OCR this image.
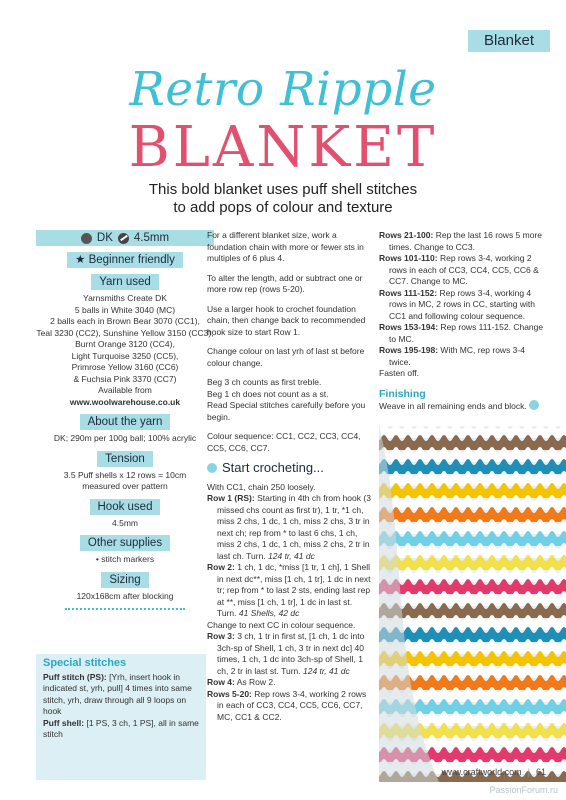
Blanket
Retro Ripple
BLANKET
This bold blanket uses puff shell stitches
to add pops of colour and texture
DK 4.5mm
★ Beginner friendly
Yarn used
Yarnsmiths Create DK
5 balls in White 3040 (MC)
2 balls each in Brown Bear 3070 (CC1),
Teal 3230 (CC2), Sunshine Yellow 3150 (CC3),
Burnt Orange 3120 (CC4),
Light Turquoise 3250 (CC5),
Primrose Yellow 3160 (CC6)
& Fuchsia Pink 3370 (CC7)
Available from
www.woolwarehouse.co.uk
About the yarn
DK; 290m per 100g ball; 100% acrylic
Tension
3.5 Puff shells x 12 rows = 10cm
measured over pattern
Hook used
4.5mm
Other supplies
• stitch markers
Sizing
120x168cm after blocking
Special stitches
Puff stitch (PS): [Yrh, insert hook in indicated st, yrh, pull] 4 times into same stitch, yrh, draw through all 9 loops on hook
Puff shell: [1 PS, 3 ch, 1 PS], all in same stitch

For a different blanket size, work a foundation chain with more or fewer sts in multiples of 6 plus 4.

To alter the length, add or subtract one or more row rep (rows 5-20).

Use a larger hook to crochet foundation chain, then change back to recommended hook size to start Row 1.

Change colour on last yrh of last st before colour change.

Beg 3 ch counts as first treble.
Beg 1 ch does not count as a st.

Read Special stitches carefully before you begin.

Colour sequence: CC1, CC2, CC3, CC4, CC5, CC6, CC7.

Start crocheting...
With CC1, chain 250 loosely.
Row 1 (RS): Starting in 4th ch from hook (3 missed chs count as first tr), 1 tr, *1 ch, miss 2 chs, 1 dc, 1 ch, miss 2 chs, 3 tr in next ch; rep from * to last 6 chs, 1 ch, miss 2 chs, 1 dc, 1 ch, miss 2 chs, 2 tr in last ch. Turn. 124 tr, 41 dc
Row 2: 1 ch, 1 dc, *miss [1 tr, 1 ch], 1 Shell in next dc**, miss [1 ch, 1 tr], 1 dc in next tr; rep from * to last 2 sts, ending last rep at **, miss [1 ch, 1 tr], 1 dc in last st. Turn. 41 Shells, 42 dc
Change to next CC in colour sequence.
Row 3: 3 ch, 1 tr in first st, [1 ch, 1 dc into 3ch-sp of Shell, 1 ch, 3 tr in next dc] 40 times, 1 ch, 1 dc into 3ch-sp of Shell, 1 ch, 2 tr in last st. Turn. 124 tr, 41 dc
Row 4: As Row 2.
Rows 5-20: Rep rows 3-4, working 2 rows in each of CC3, CC4, CC5, CC6, CC7, MC, CC1 & CC2.
Rows 21-100: Rep the last 16 rows 5 more times. Change to CC3.
Rows 101-110: Rep rows 3-4, working 2 rows in each of CC3, CC4, CC5, CC6 & CC7. Change to MC.
Rows 111-152: Rep rows 3-4, working 4 rows in MC, 2 rows in CC, starting with CC1 and following colour sequence.
Rows 153-194: Rep rows 111-152. Change to MC.
Rows 195-198: With MC, rep rows 3-4 twice.
Fasten off.
Finishing
Weave in all remaining ends and block.
www.craftworld.com | 61
PassionForum.ru
